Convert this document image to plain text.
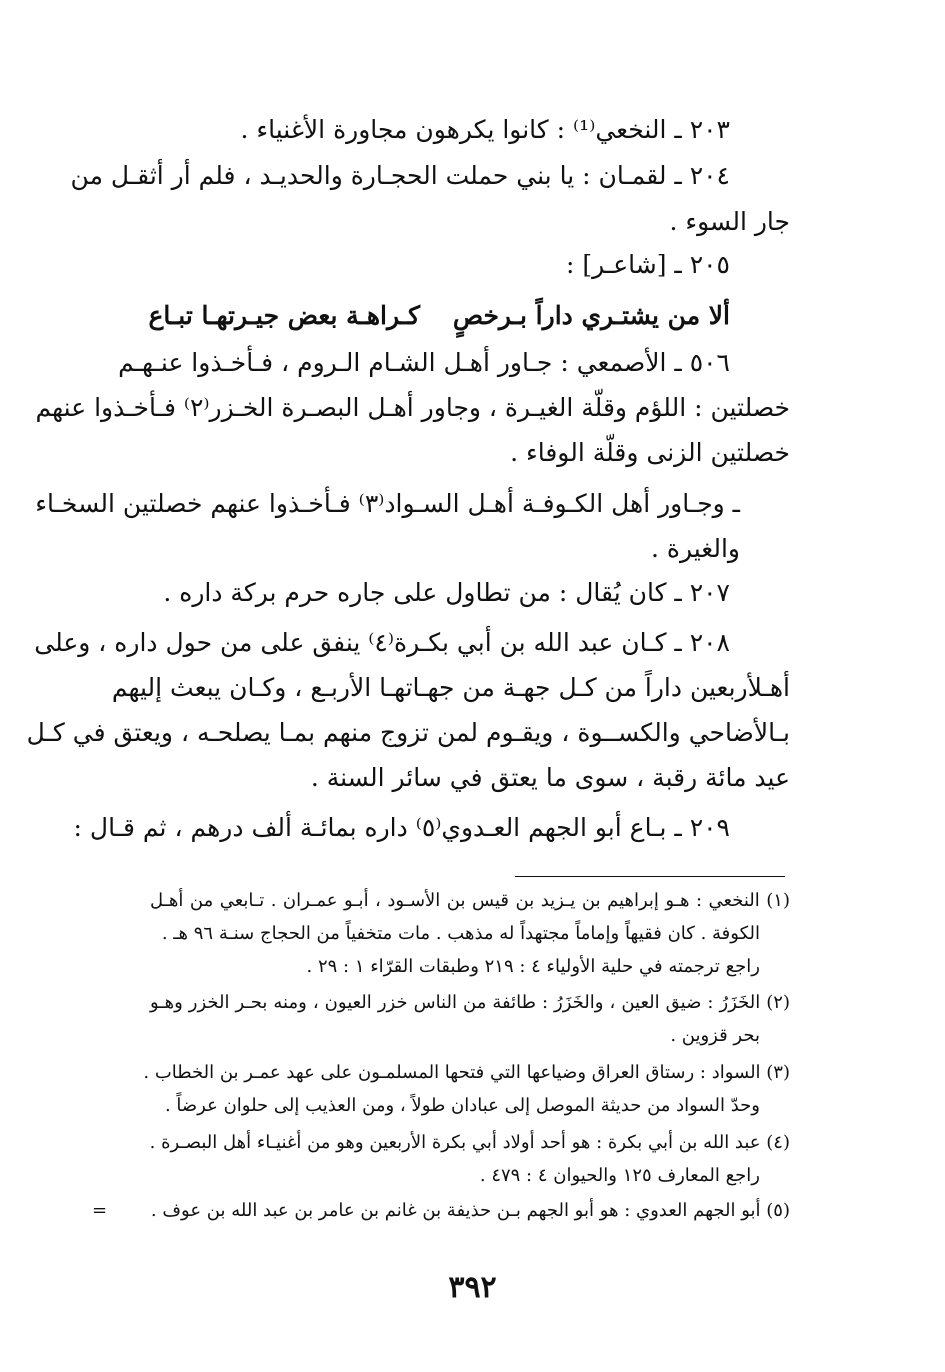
٢٠٣ ـ النخعي⁽¹⁾ : كانوا يكرهون مجاورة الأغنياء .
٢٠٤ ـ لقمـان : يا بني حملت الحجـارة والحديـد ، فلم أر أثقـل من
جار السوء .
٢٠٥ ـ [شاعـر] :
ألا من يشتـري داراً بـرخصٍ
كـراهـة بعض جيـرتهـا تبـاع
٥٠٦ ـ الأصمعي : جـاور أهـل الشـام الـروم ، فـأخـذوا عنـهـم
خصلتين : اللؤم وقلّة الغيـرة ، وجاور أهـل البصـرة الخـزر⁽٢⁾ فـأخـذوا عنهم
خصلتين الزنى وقلّة الوفاء .
ـ وجـاور أهل الكـوفـة أهـل السـواد⁽٣⁾ فـأخـذوا عنهم خصلتين السخـاء
والغيرة .
٢٠٧ ـ كان يُقال : من تطاول على جاره حرم بركة داره .
٢٠٨ ـ كـان عبد الله بن أبي بكـرة⁽٤⁾ ينفق على من حول داره ، وعلى
أهـلأربعين داراً من كـل جهـة من جهـاتهـا الأربـع ، وكـان يبعث إليهم
بـالأضاحي والكســوة ، ويقـوم لمن تزوج منهم بمـا يصلحـه ، ويعتق في كـل
عيد مائة رقبة ، سوى ما يعتق في سائر السنة .
٢٠٩ ـ بـاع أبو الجهم العـدوي⁽٥⁾ داره بمائـة ألف درهم ، ثم قـال :
(١) النخعي : هـو إبراهيم بن يـزيد بن قيس بن الأسـود ، أبـو عمـران . تـابعي من أهـل
الكوفة . كان فقيهاً وإماماً مجتهداً له مذهب . مات متخفياً من الحجاج سنـة ٩٦ هـ .
راجع ترجمته في حلية الأولياء ٤ : ٢١٩ وطبقات القرّاء ١ : ٢٩ .
(٢) الخَزَرُ : ضيق العين ، والخَزَرُ : طائفة من الناس خزر العيون ، ومنه بحـر الخزر وهـو
بحر قزوين .
(٣) السواد : رستاق العراق وضياعها التي فتحها المسلمـون على عهد عمـر بن الخطاب .
وحدّ السواد من حديثة الموصل إلى عبادان طولاً ، ومن العذيب إلى حلوان عرضاً .
(٤) عبد الله بن أبي بكرة : هو أحد أولاد أبي بكرة الأربعين وهو من أغنيـاء أهل البصـرة .
راجع المعارف ١٢٥ والحيوان ٤ : ٤٧٩ .
(٥) أبو الجهم العدوي : هو أبو الجهم بـن حذيفة بن غانم بن عامر بن عبد الله بن عوف .
=
٣٩٢
